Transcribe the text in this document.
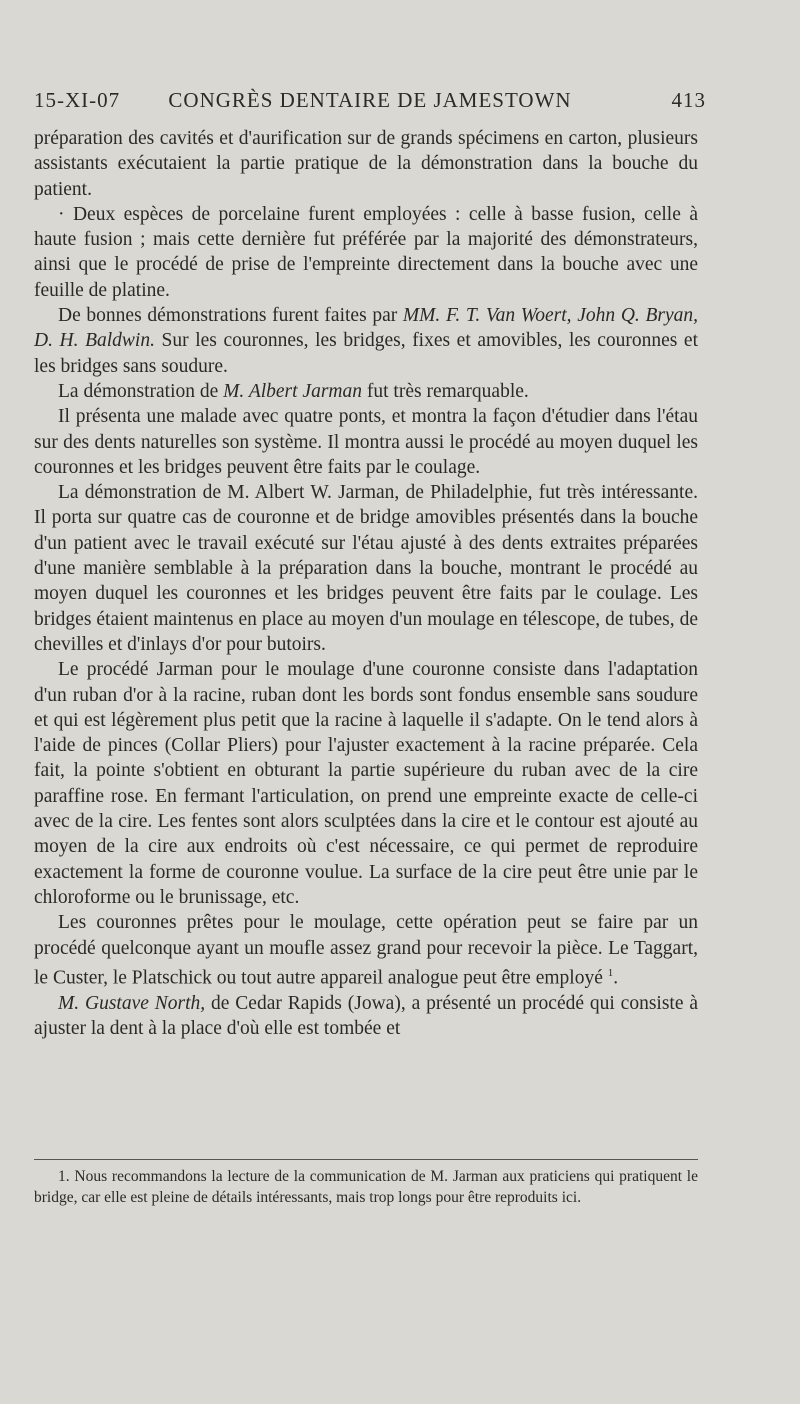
15-XI-07	CONGRÈS DENTAIRE DE JAMESTOWN	413

préparation des cavités et d'aurification sur de grands spécimens en carton, plusieurs assistants exécutaient la partie pratique de la démonstration dans la bouche du patient.

· Deux espèces de porcelaine furent employées : celle à basse fusion, celle à haute fusion ; mais cette dernière fut préférée par la majorité des démonstrateurs, ainsi que le procédé de prise de l'empreinte directement dans la bouche avec une feuille de platine.

De bonnes démonstrations furent faites par MM. F. T. Van Woert, John Q. Bryan, D. H. Baldwin. Sur les couronnes, les bridges, fixes et amovibles, les couronnes et les bridges sans soudure.

La démonstration de M. Albert Jarman fut très remarquable.

Il présenta une malade avec quatre ponts, et montra la façon d'étudier dans l'étau sur des dents naturelles son système. Il montra aussi le procédé au moyen duquel les couronnes et les bridges peuvent être faits par le coulage.

La démonstration de M. Albert W. Jarman, de Philadelphie, fut très intéressante. Il porta sur quatre cas de couronne et de bridge amovibles présentés dans la bouche d'un patient avec le travail exécuté sur l'étau ajusté à des dents extraites préparées d'une manière semblable à la préparation dans la bouche, montrant le procédé au moyen duquel les couronnes et les bridges peuvent être faits par le coulage. Les bridges étaient maintenus en place au moyen d'un moulage en télescope, de tubes, de chevilles et d'inlays d'or pour butoirs.

Le procédé Jarman pour le moulage d'une couronne consiste dans l'adaptation d'un ruban d'or à la racine, ruban dont les bords sont fondus ensemble sans soudure et qui est légèrement plus petit que la racine à laquelle il s'adapte. On le tend alors à l'aide de pinces (Collar Pliers) pour l'ajuster exactement à la racine préparée. Cela fait, la pointe s'obtient en obturant la partie supérieure du ruban avec de la cire paraffine rose. En fermant l'articulation, on prend une empreinte exacte de celle-ci avec de la cire. Les fentes sont alors sculptées dans la cire et le contour est ajouté au moyen de la cire aux endroits où c'est nécessaire, ce qui permet de reproduire exactement la forme de couronne voulue. La surface de la cire peut être unie par le chloroforme ou le brunissage, etc.

Les couronnes prêtes pour le moulage, cette opération peut se faire par un procédé quelconque ayant un moufle assez grand pour recevoir la pièce. Le Taggart, le Custer, le Platschick ou tout autre appareil analogue peut être employé $^1$.

M. Gustave North, de Cedar Rapids (Jowa), a présenté un procédé qui consiste à ajuster la dent à la place d'où elle est tombée et

1. Nous recommandons la lecture de la communication de M. Jarman aux praticiens qui pratiquent le bridge, car elle est pleine de détails intéressants, mais trop longs pour être reproduits ici.
